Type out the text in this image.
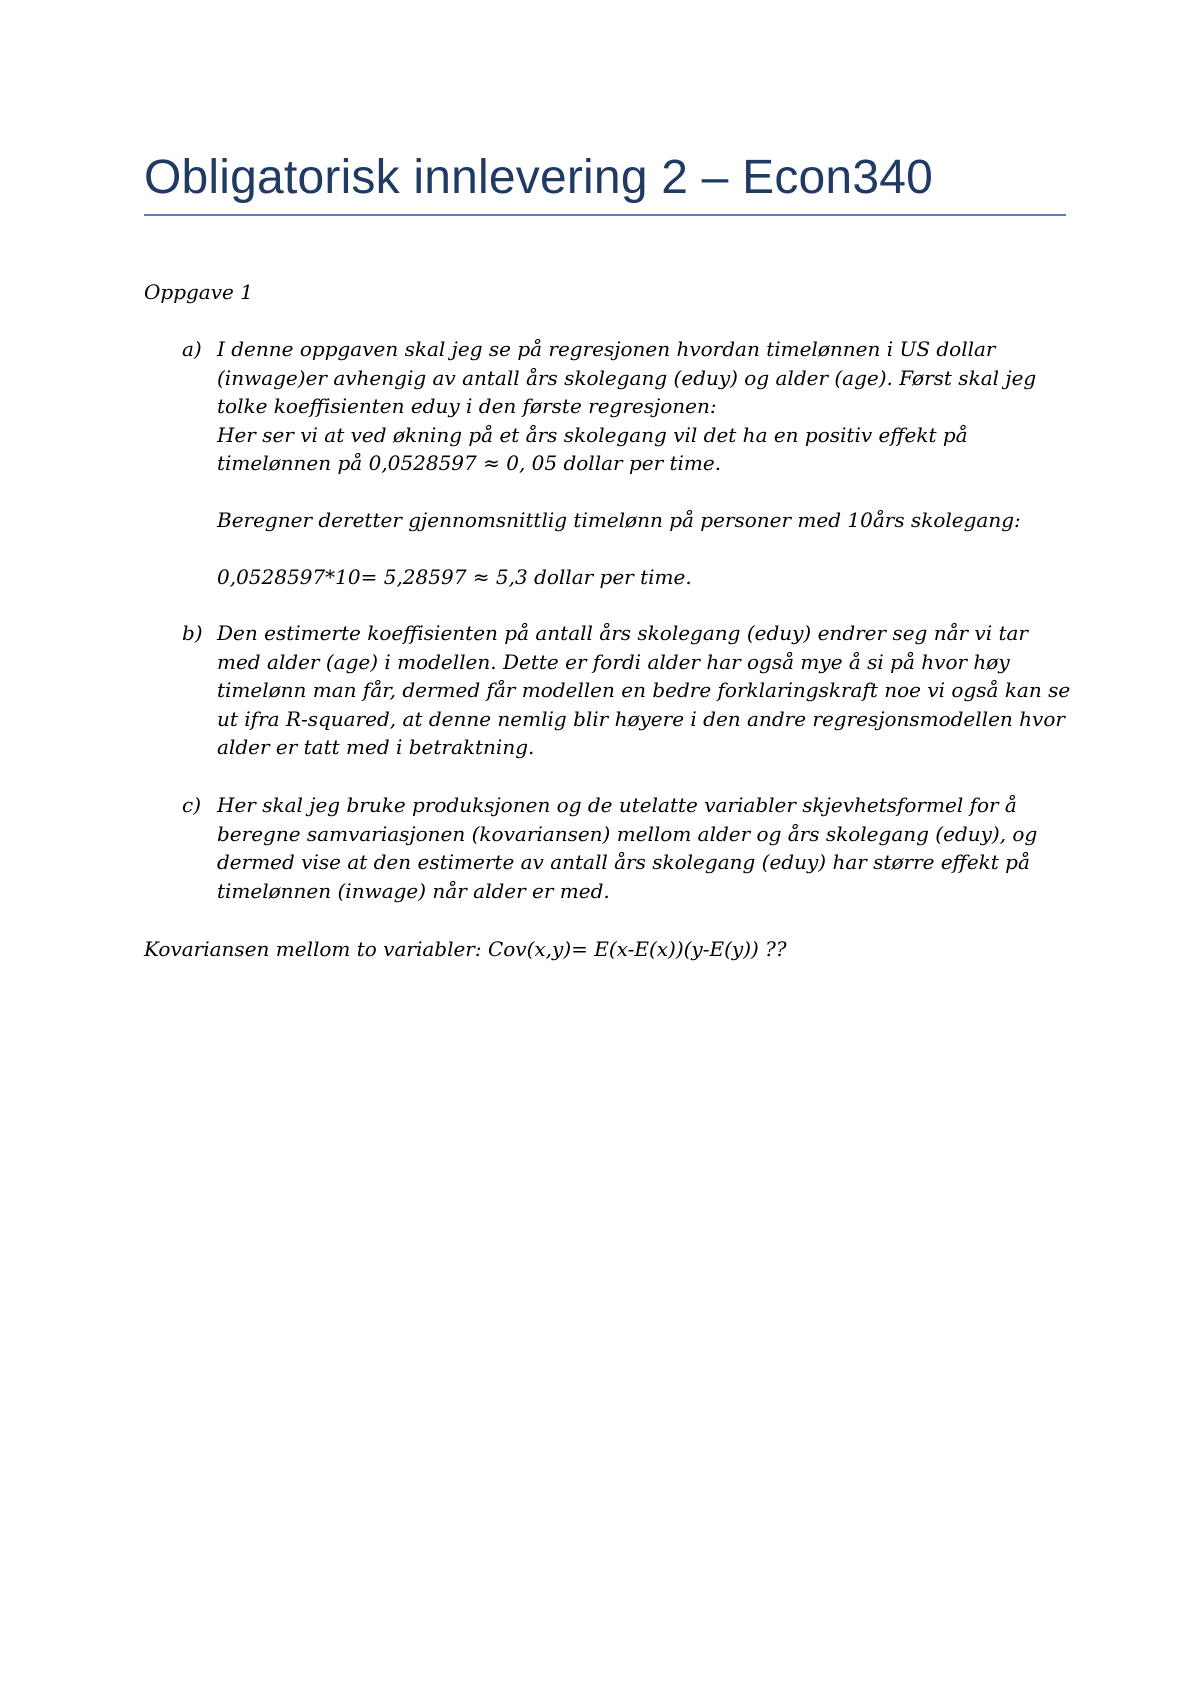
Obligatorisk innlevering 2 – Econ340
Oppgave 1
a) I denne oppgaven skal jeg se på regresjonen hvordan timelønnen i US dollar
(inwage)er avhengig av antall års skolegang (eduy) og alder (age). Først skal jeg
tolke koeffisienten eduy i den første regresjonen:
Her ser vi at ved økning på et års skolegang vil det ha en positiv effekt på
timelønnen på 0,0528597 ≈ 0, 05 dollar per time.
Beregner deretter gjennomsnittlig timelønn på personer med 10års skolegang:
0,0528597*10= 5,28597 ≈ 5,3 dollar per time.
b) Den estimerte koeffisienten på antall års skolegang (eduy) endrer seg når vi tar
med alder (age) i modellen. Dette er fordi alder har også mye å si på hvor høy
timelønn man får, dermed får modellen en bedre forklaringskraft noe vi også kan se
ut ifra R-squared, at denne nemlig blir høyere i den andre regresjonsmodellen hvor
alder er tatt med i betraktning.
c) Her skal jeg bruke produksjonen og de utelatte variabler skjevhetsformel for å
beregne samvariasjonen (kovariansen) mellom alder og års skolegang (eduy), og
dermed vise at den estimerte av antall års skolegang (eduy) har større effekt på
timelønnen (inwage) når alder er med.
Kovariansen mellom to variabler: Cov(x,y)= E(x-E(x))(y-E(y)) ??
